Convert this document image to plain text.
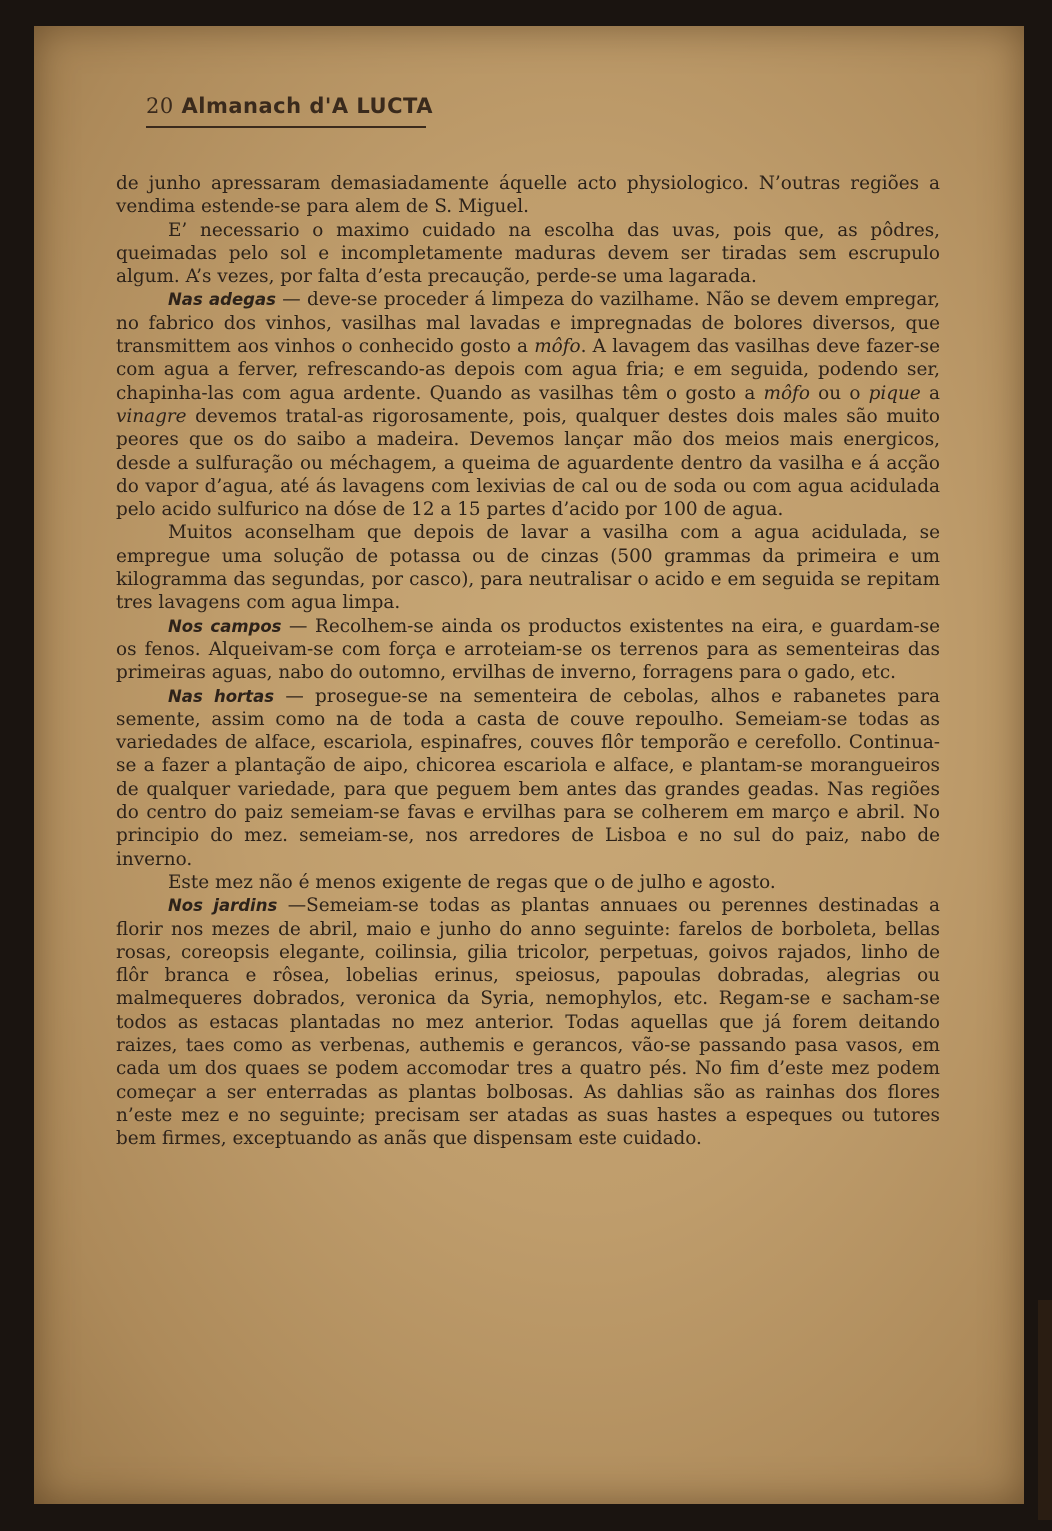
20 Almanach d'A LUCTA

de junho apressaram demasiadamente áquelle acto physiologico. N’outras regiões a vendima estende-se para alem de S. Miguel.

E’ necessario o maximo cuidado na escolha das uvas, pois que, as pôdres, queimadas pelo sol e incompletamente maduras devem ser tiradas sem escrupulo algum. A’s vezes, por falta d’esta precaução, perde-se uma lagarada.

Nas adegas — deve-se proceder á limpeza do vazilhame. Não se devem empregar, no fabrico dos vinhos, vasilhas mal lavadas e impregnadas de bolores diversos, que transmittem aos vinhos o conhecido gosto a môfo. A lavagem das vasilhas deve fazer-se com agua a ferver, refrescando-as depois com agua fria; e em seguida, podendo ser, chapinha-las com agua ardente. Quando as vasilhas têm o gosto a môfo ou o pique a vinagre devemos tratal-as rigorosamente, pois, qualquer destes dois males são muito peores que os do saibo a madeira. Devemos lançar mão dos meios mais energicos, desde a sulfuração ou méchagem, a queima de aguardente dentro da vasilha e á acção do vapor d’agua, até ás lavagens com lexivias de cal ou de soda ou com agua acidulada pelo acido sulfurico na dóse de 12 a 15 partes d’acido por 100 de agua.

Muitos aconselham que depois de lavar a vasilha com a agua acidulada, se empregue uma solução de potassa ou de cinzas (500 grammas da primeira e um kilogramma das segundas, por casco), para neutralisar o acido e em seguida se repitam tres lavagens com agua limpa.

Nos campos — Recolhem-se ainda os productos existentes na eira, e guardam-se os fenos. Alqueivam-se com força e arroteiam-se os terrenos para as sementeiras das primeiras aguas, nabo do outomno, ervilhas de inverno, forragens para o gado, etc.

Nas hortas — prosegue-se na sementeira de cebolas, alhos e rabanetes para semente, assim como na de toda a casta de couve repoulho. Semeiam-se todas as variedades de alface, escariola, espinafres, couves flôr temporão e cerefollo. Continua-se a fazer a plantação de aipo, chicorea escariola e alface, e plantam-se morangueiros de qualquer variedade, para que peguem bem antes das grandes geadas. Nas regiões do centro do paiz semeiam-se favas e ervilhas para se colherem em março e abril. No principio do mez. semeiam-se, nos arredores de Lisboa e no sul do paiz, nabo de inverno.

Este mez não é menos exigente de regas que o de julho e agosto.

Nos jardins —Semeiam-se todas as plantas annuaes ou perennes destinadas a florir nos mezes de abril, maio e junho do anno seguinte: farelos de borboleta, bellas rosas, coreopsis elegante, coilinsia, gilia tricolor, perpetuas, goivos rajados, linho de flôr branca e rôsea, lobelias erinus, speiosus, papoulas dobradas, alegrias ou malmequeres dobrados, veronica da Syria, nemophylos, etc. Regam-se e sacham-se todos as estacas plantadas no mez anterior. Todas aquellas que já forem deitando raizes, taes como as verbenas, authemis e gerancos, vão-se passando pasa vasos, em cada um dos quaes se podem accomodar tres a quatro pés. No fim d’este mez podem começar a ser enterradas as plantas bolbosas. As dahlias são as rainhas dos flores n’este mez e no seguinte; precisam ser atadas as suas hastes a espeques ou tutores bem firmes, exceptuando as anãs que dispensam este cuidado.
